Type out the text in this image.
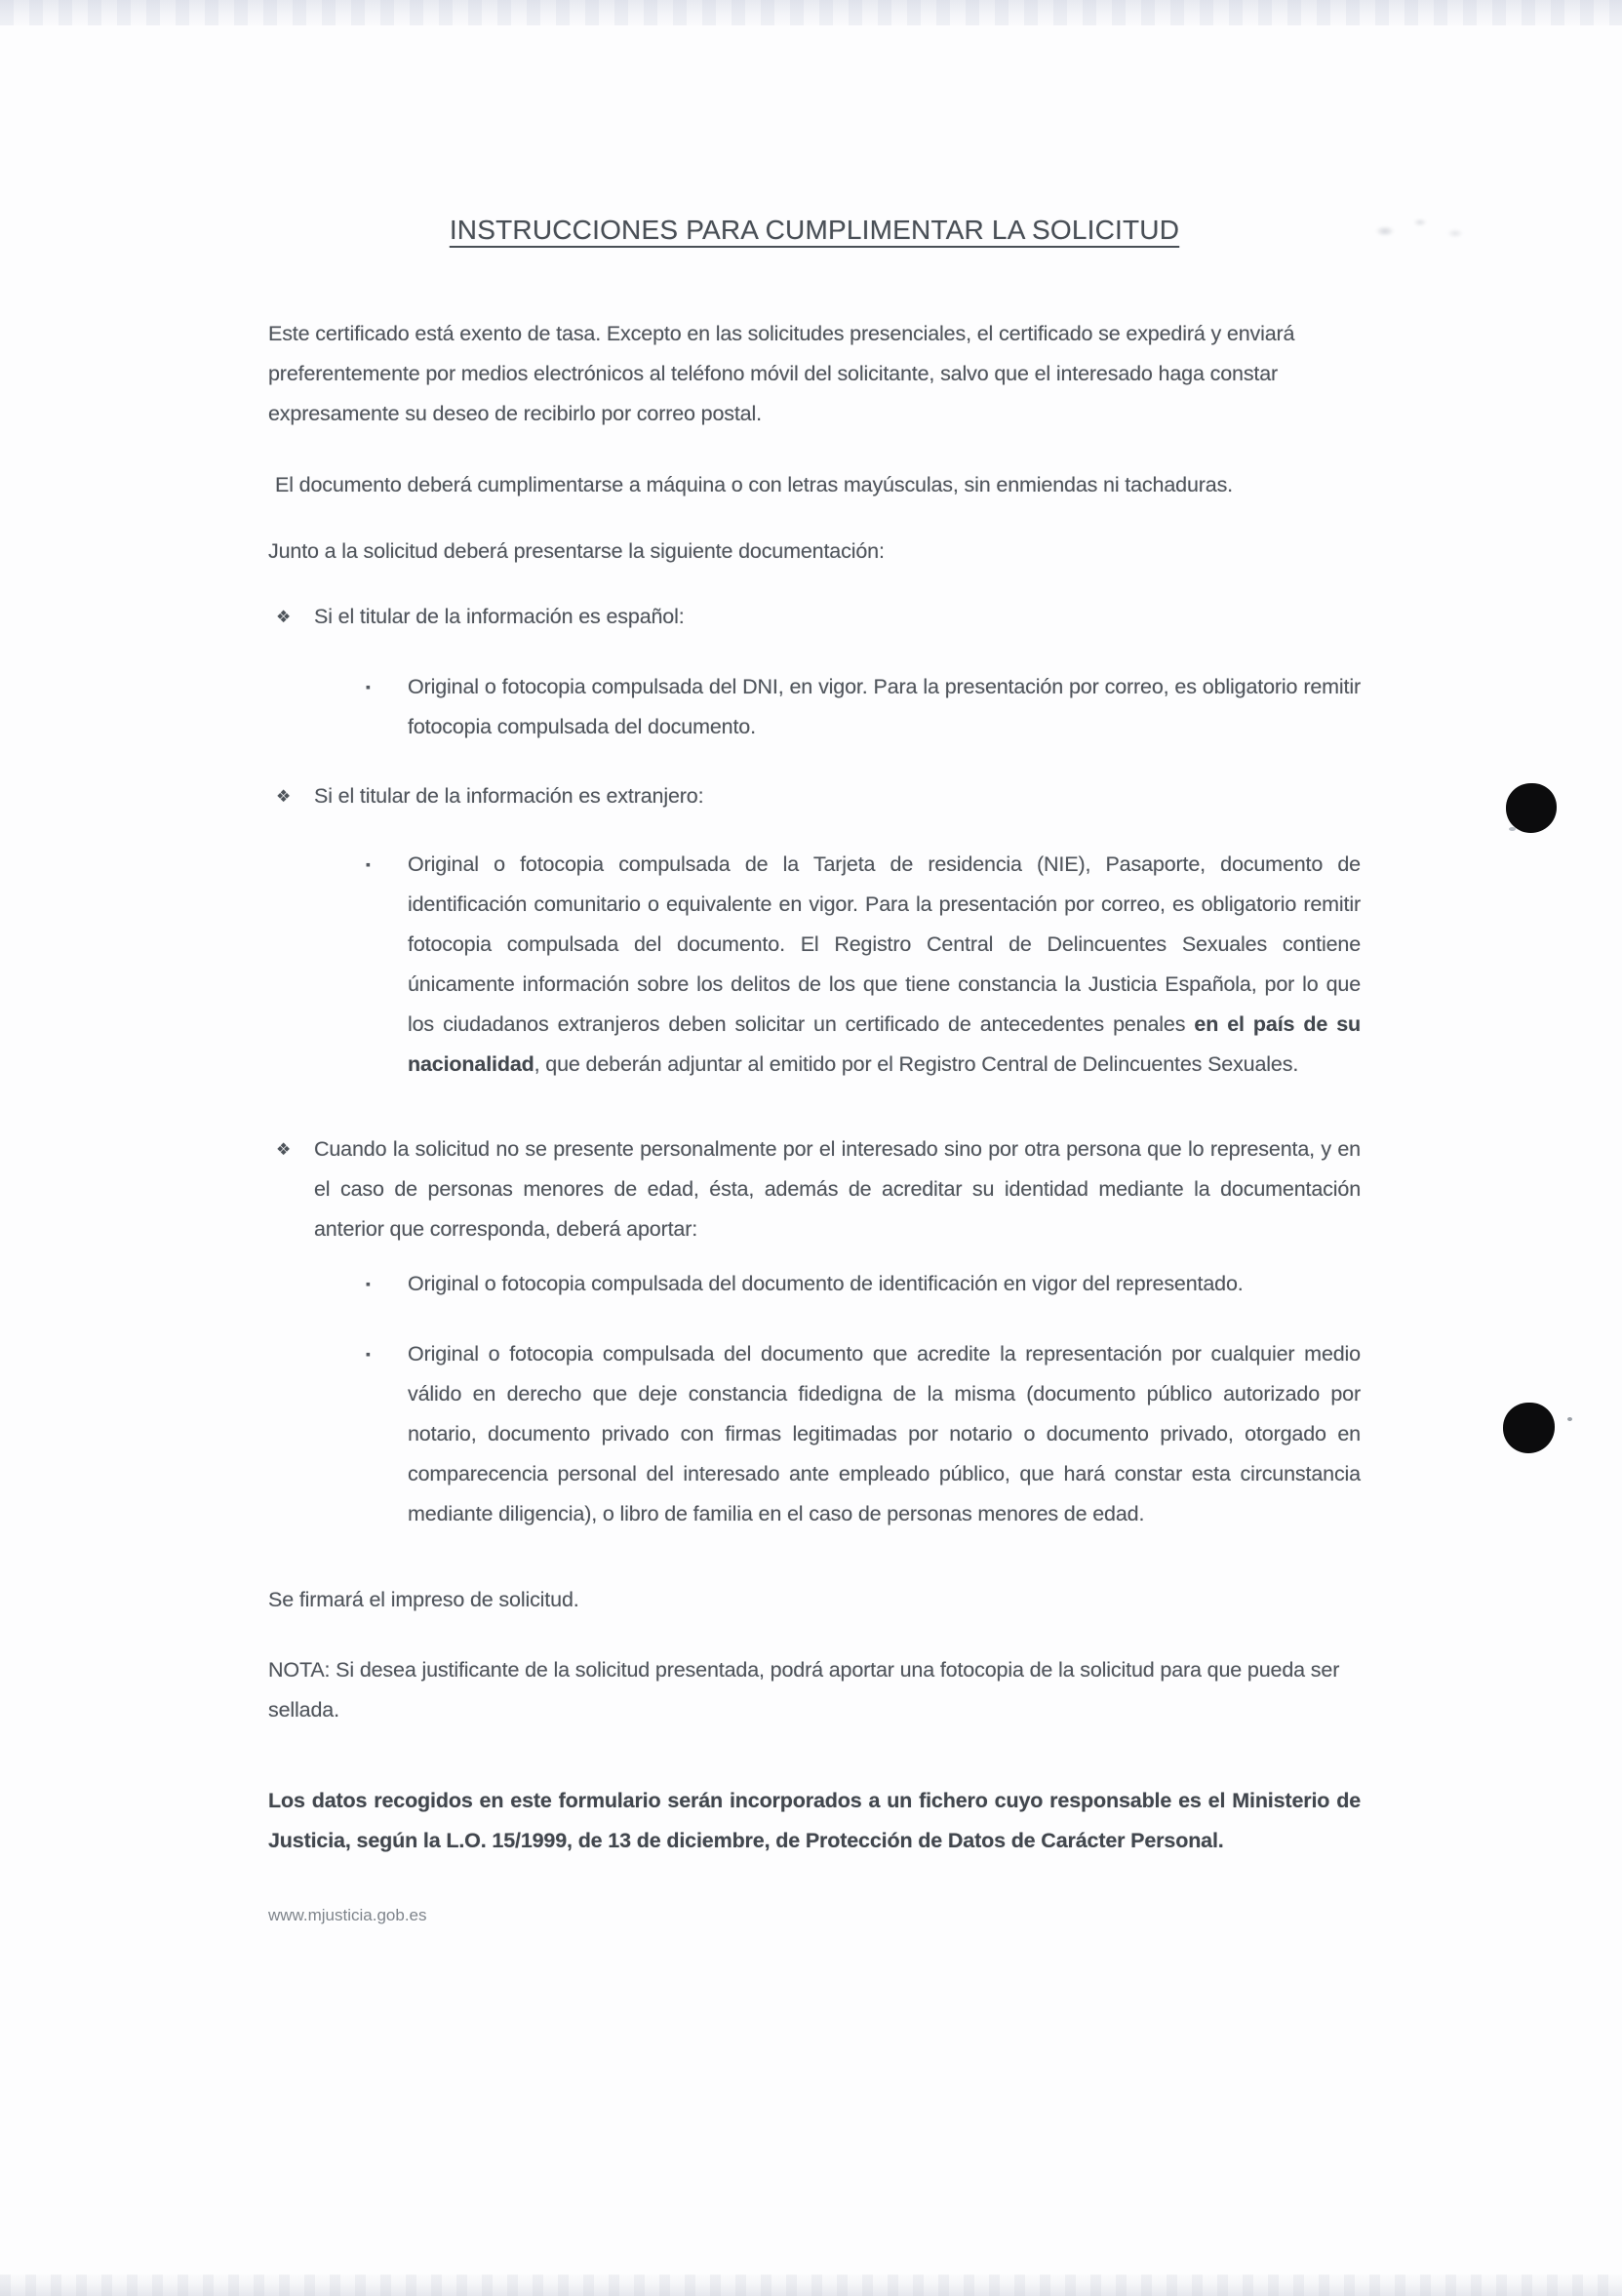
INSTRUCCIONES PARA CUMPLIMENTAR LA SOLICITUD

Este certificado está exento de tasa. Excepto en las solicitudes presenciales, el certificado se expedirá y enviará preferentemente por medios electrónicos al teléfono móvil del solicitante, salvo que el interesado haga constar expresamente su deseo de recibirlo por correo postal.

El documento deberá cumplimentarse a máquina o con letras mayúsculas, sin enmiendas ni tachaduras.

Junto a la solicitud deberá presentarse la siguiente documentación:

❖	Si el titular de la información es español:
▪	Original o fotocopia compulsada del DNI, en vigor. Para la presentación por correo, es obligatorio remitir fotocopia compulsada del documento.
❖	Si el titular de la información es extranjero:
▪	Original o fotocopia compulsada de la Tarjeta de residencia (NIE), Pasaporte, documento de identificación comunitario o equivalente en vigor. Para la presentación por correo, es obligatorio remitir fotocopia compulsada del documento. El Registro Central de Delincuentes Sexuales contiene únicamente información sobre los delitos de los que tiene constancia la Justicia Española, por lo que los ciudadanos extranjeros deben solicitar un certificado de antecedentes penales en el país de su nacionalidad, que deberán adjuntar al emitido por el Registro Central de Delincuentes Sexuales.
❖	Cuando la solicitud no se presente personalmente por el interesado sino por otra persona que lo representa, y en el caso de personas menores de edad, ésta, además de acreditar su identidad mediante la documentación anterior que corresponda, deberá aportar:
▪	Original o fotocopia compulsada del documento de identificación en vigor del representado.
▪	Original o fotocopia compulsada del documento que acredite la representación por cualquier medio válido en derecho que deje constancia fidedigna de la misma (documento público autorizado por notario, documento privado con firmas legitimadas por notario o documento privado, otorgado en comparecencia personal del interesado ante empleado público, que hará constar esta circunstancia mediante diligencia), o libro de familia en el caso de personas menores de edad.

Se firmará el impreso de solicitud.

NOTA: Si desea justificante de la solicitud presentada, podrá aportar una fotocopia de la solicitud para que pueda ser sellada.

Los datos recogidos en este formulario serán incorporados a un fichero cuyo responsable es el Ministerio de Justicia, según la L.O. 15/1999, de 13 de diciembre, de Protección de Datos de Carácter Personal.

www.mjusticia.gob.es
